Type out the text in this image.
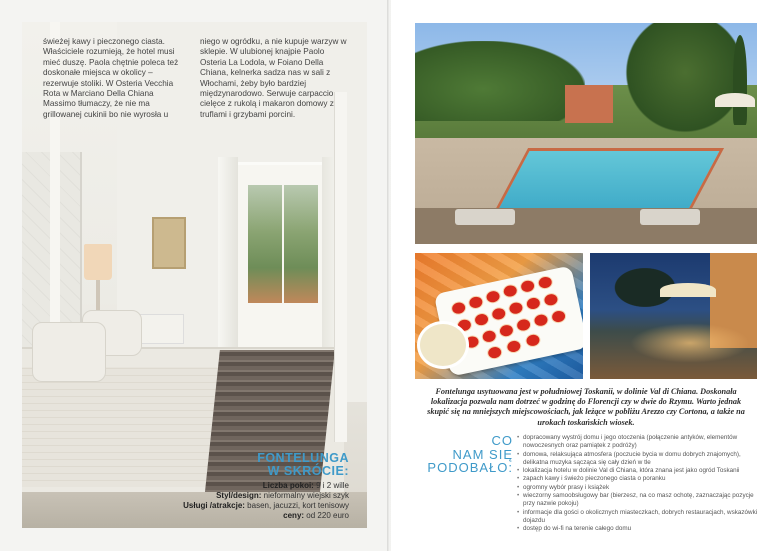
świeżej kawy i pieczonego ciasta. Właściciele rozumieją, że hotel musi mieć duszę. Paola chętnie poleca też doskonałe miejsca w okolicy – rezerwuje stoliki. W Osteria Vecchia Rota w Marciano Della Chiana Massimo tłumaczy, że nie ma grillowanej cukinii bo nie wyrosła u

niego w ogródku, a nie kupuje warzyw w sklepie. W ulubionej knajpie Paolo Osteria La Lodola, w Foiano Della Chiana, kelnerka sadza nas w sali z Włochami, żeby było bardziej międzynarodowo. Serwuje carpaccio cielęce z rukolą i makaron domowy z truflami i grzybami porcini.

FONTELUNGA

W SKRÓCIE:

Liczba pokoi: 9 i 2 wille

Styl/design: nieformalny wiejski szyk

Usługi /atrakcje: basen, jacuzzi, kort tenisowy

ceny: od 220 euro

Fontelunga usytuowana jest w południowej Toskanii, w dolinie Val di Chiana. Doskonała lokalizacja pozwala nam dotrzeć w godzinę do Florencji czy w dwie do Rzymu. Warto jednak skupić się na mniejszych miejscowościach, jak leżące w pobliżu Arezzo czy Cortona, a także na urokach toskańskich wiosek.

CO
NAM SIĘ
PODOBAŁO:
• dopracowany wystrój domu i jego otoczenia (połączenie antyków, elementów nowoczesnych oraz pamiątek z podróży)
• domowa, relaksująca atmosfera (poczucie bycia w domu dobrych znajomych), delikatna muzyka sącząca się cały dzień w tle
• lokalizacja hotelu w dolinie Val di Chiana, która znana jest jako ogród Toskanii
• zapach kawy i świeżo pieczonego ciasta o poranku
• ogromny wybór prasy i książek
• wieczorny samoobsługowy bar (bierzesz, na co masz ochotę, zaznaczając pozycje przy nazwie pokoju)
• informacje dla gości o okolicznych miasteczkach, dobrych restauracjach, wskazówki dojazdu
• dostęp do wi-fi na terenie całego domu
